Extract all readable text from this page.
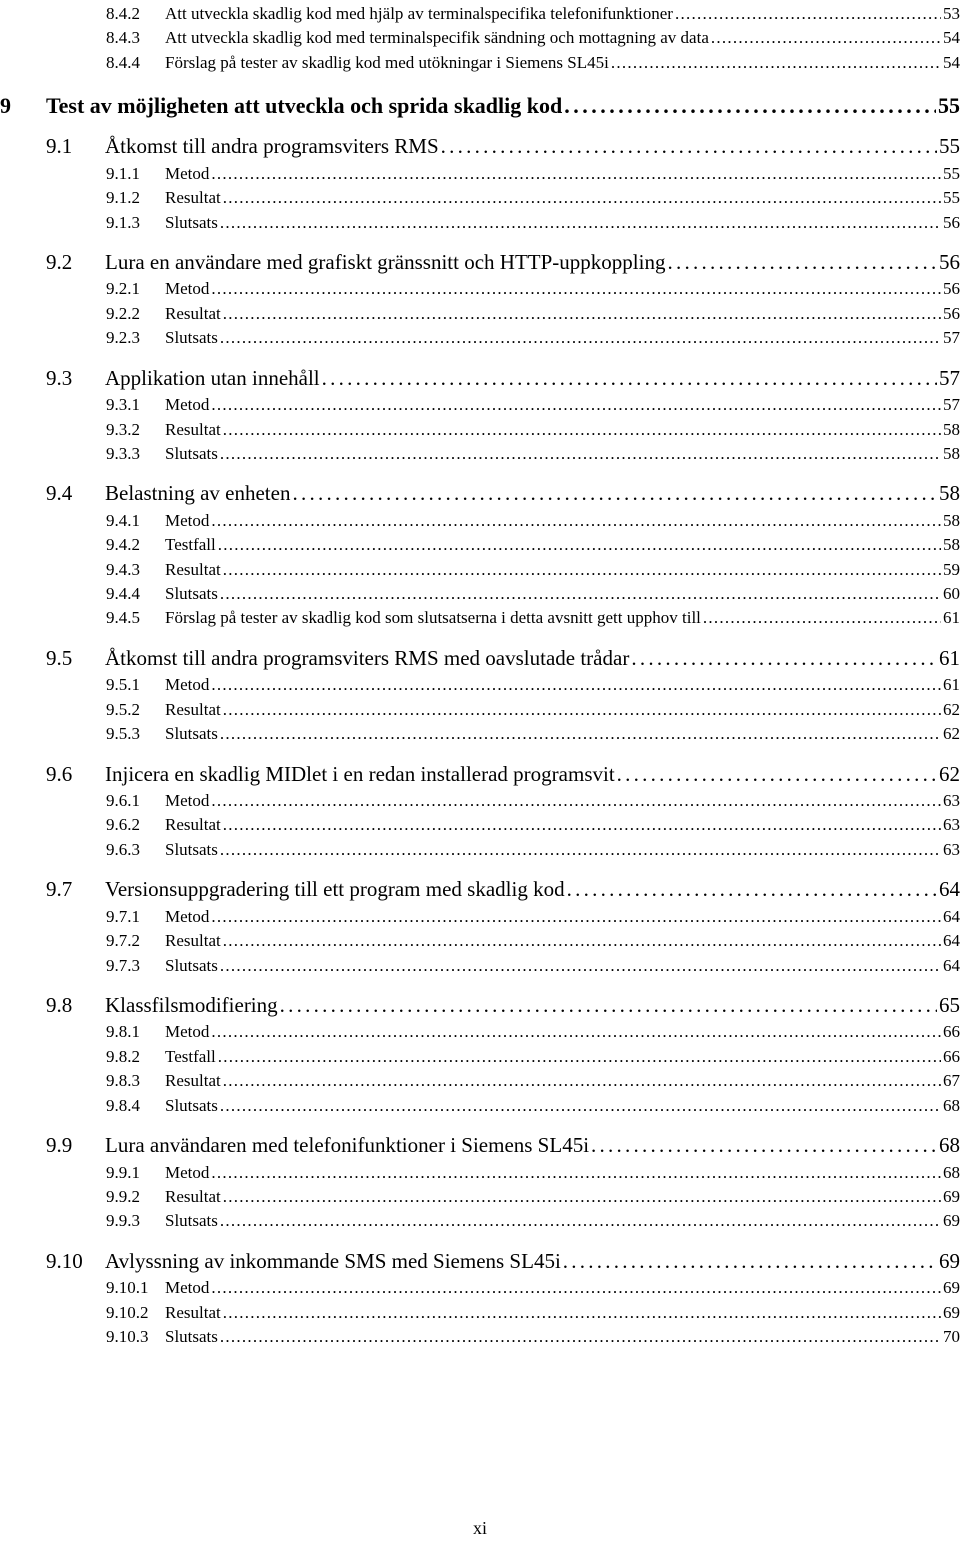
8.4.2	Att utveckla skadlig kod med hjälp av terminalspecifika telefonifunktioner . . .	53
8.4.3	Att utveckla skadlig kod med terminalspecifik sändning och mottagning av data . . .	54
8.4.4	Förslag på tester av skadlig kod med utökningar i Siemens SL45i . . .	54
9	Test av möjligheten att utveckla och sprida skadlig kod . . .	55
9.1	Åtkomst till andra programsviters RMS . . .	55
9.1.1	Metod . . .	55
9.1.2	Resultat . . .	55
9.1.3	Slutsats . . .	56
9.2	Lura en användare med grafiskt gränssnitt och HTTP-uppkoppling . . .	56
9.2.1	Metod . . .	56
9.2.2	Resultat . . .	56
9.2.3	Slutsats . . .	57
9.3	Applikation utan innehåll . . .	57
9.3.1	Metod . . .	57
9.3.2	Resultat . . .	58
9.3.3	Slutsats . . .	58
9.4	Belastning av enheten . . .	58
9.4.1	Metod . . .	58
9.4.2	Testfall . . .	58
9.4.3	Resultat . . .	59
9.4.4	Slutsats . . .	60
9.4.5	Förslag på tester av skadlig kod som slutsatserna i detta avsnitt gett upphov till . . .	61
9.5	Åtkomst till andra programsviters RMS med oavslutade trådar . . .	61
9.5.1	Metod . . .	61
9.5.2	Resultat . . .	62
9.5.3	Slutsats . . .	62
9.6	Injicera en skadlig MIDlet i en redan installerad programsvit . . .	62
9.6.1	Metod . . .	63
9.6.2	Resultat . . .	63
9.6.3	Slutsats . . .	63
9.7	Versionsuppgradering till ett program med skadlig kod . . .	64
9.7.1	Metod . . .	64
9.7.2	Resultat . . .	64
9.7.3	Slutsats . . .	64
9.8	Klassfilsmodifiering . . .	65
9.8.1	Metod . . .	66
9.8.2	Testfall . . .	66
9.8.3	Resultat . . .	67
9.8.4	Slutsats . . .	68
9.9	Lura användaren med telefonifunktioner i Siemens SL45i . . .	68
9.9.1	Metod . . .	68
9.9.2	Resultat . . .	69
9.9.3	Slutsats . . .	69
9.10	Avlyssning av inkommande SMS med Siemens SL45i . . .	69
9.10.1 Metod . . .	69
9.10.2 Resultat . . .	69
9.10.3 Slutsats . . .	70
xi
